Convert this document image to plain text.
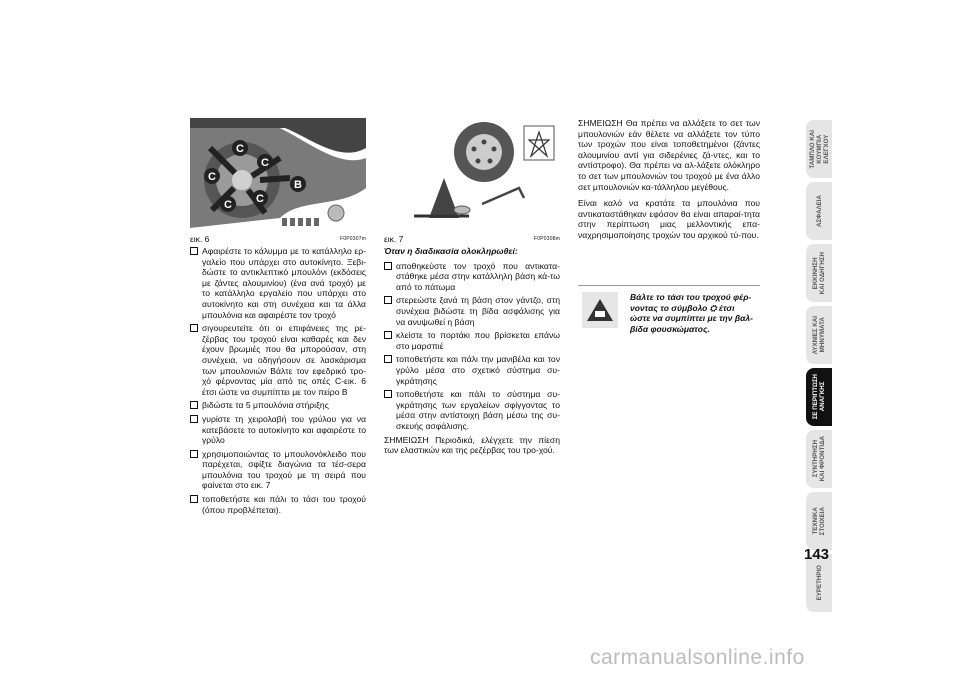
C
C
C
C C
B
εικ. 6	F0P0307m εικ. 7	F0P0308m
Αφαιρέστε το κάλυμμα με το κατάλληλο ερ-γαλείο που υπάρχει στο αυτοκίνητο. Ξεβι-δώστε το αντικλεπτικό μπουλόνι (εκδόσεις με ζάντες αλουμινίου) (ένα ανά τροχό) με το κατάλληλο εργαλείο που υπάρχει στο αυτοκίνητο και στη συνέχεια και τα άλλα μπουλόνια και αφαιρέστε τον τροχό
σιγουρευτείτε ότι οι επιφάνειες της ρε-ζέρβας του τροχού είναι καθαρές και δεν έχουν βρωμιές που θα μπορούσαν, στη συνέχεια, να οδηγήσουν σε λασκάρισμα των μπουλονιών Βάλτε τον εφεδρικό τρο-χό φέρνοντας μία από τις οπές C-εικ. 6 έτσι ώστε να συμπίπτει με τον πείρο B
βιδώστε τα 5 μπουλόνια στήριξης
γυρίστε τη χειρολαβή του γρύλου για να κατεβάσετε το αυτοκίνητο και αφαιρέστε το γρύλο
χρησιμοποιώντας το μπουλονόκλειδο που παρέχεται, σφίξτε διαγώνια τα τέσ-σερα μπουλόνια του τροχού με τη σειρά που φαίνεται στο εικ. 7
τοποθετήστε και πάλι το τάσι του τροχού (όπου προβλέπεται).
Όταν η διαδικασία ολοκληρωθεί:
αποθηκεύστε τον τροχό που αντικατα-στάθηκε μέσα στην κατάλληλη βάση κά-τω από το πάτωμα
στερεώστε ξανά τη βάση στον γάντζο, στη συνέχεια βιδώστε τη βίδα ασφάλισης για να ανυψωθεί η βάση
κλείστε το πορτάκι που βρίσκεται επάνω στο μαρσπιέ
τοποθετήστε και πάλι την μανιβέλα και τον γρύλο μέσα στο σχετικό σύστημα συ-γκράτησης
τοποθετήστε και πάλι το σύστημα συ-γκράτησης των εργαλείων σφίγγοντας το μέσα στην αντίστοιχη βάση μέσω της συ-σκευής ασφάλισης.
ΣΗΜΕΙΩΣΗ Περιοδικά, ελέγχετε την πίεση των ελαστικών και της ρεζέρβας του τρο-χού.
ΣΗΜΕΙΩΣΗ Θα πρέπει να αλλάξετε το σετ των μπουλονιών εάν θέλετε να αλλάξετε τον τύπο των τροχών που είναι τοποθετημένοι (ζάντες αλουμινίου αντί για σιδερένιες ζά-ντες, και το αντίστροφο). Θα πρέπει να αλ-λάξετε ολόκληρο το σετ των μπουλονιών του τροχού με ένα άλλο σετ μπουλονιών κα-τάλληλου μεγέθους.
Είναι καλό να κρατάτε τα μπουλόνια που αντικαταστάθηκαν εφόσον θα είναι απαραί-τητα στην περίπτωση μιας μελλοντικής επα-ναχρησιμοποίησης τροχών του αρχικού τύ-που.
Βάλτε το τάσι του τροχού φέρ-νοντας το σύμβολο ⛭ έτσι ώστε να συμπίπτει με την βαλ-βίδα φουσκώματος.
ΤΑΜΠΛΟ ΚΑΙ
ΚΟΥΜΠΙΑ
ΕΛΕΓΧΟΥ
ΑΣΦΑΛΕΙΑ
ΕΚΚΙΝΗΣΗ
ΚΑΙ ΟΔΗΓΗΣΗ
ΛΥΧΝΙΕΣ ΚΑΙ
ΜΗΝΥΜΑΤΑ
ΣΕ ΠΕΡΙΠΤΩΣΗ
ΑΝΑΓΚΗΣ
ΣΥΝΤΗΡΗΣΗ
ΚΑΙ ΦΡΟΝΤΙΔΑ
ΤΕΧΝΙΚΑ
ΣΤΟΙΧΕΙΑ
ΕΥΡΕΤΗΡΙΟ
143
carmanualsonline.info
